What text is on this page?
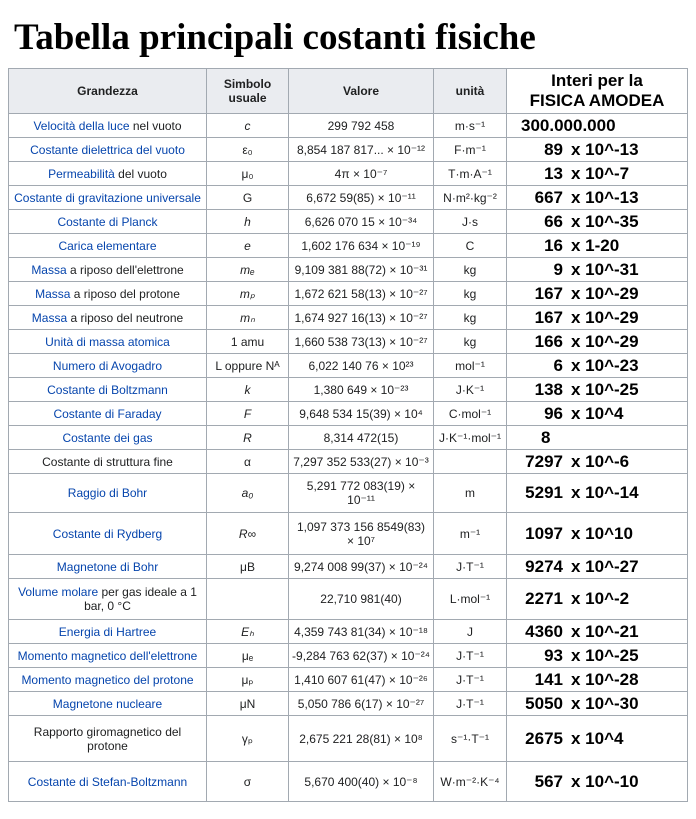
Tabella principali costanti fisiche
Grandezza	Simbolo usuale	Valore	unità	Interi per la
FISICA AMODEA
Velocità della luce nel vuoto	c	299 792 458	m·s⁻¹	300.000.000
Costante dielettrica del vuoto	ε₀	8,854 187 817... × 10⁻¹²	F·m⁻¹	89 x 10^-13
Permeabilità del vuoto	μ₀	4π × 10⁻⁷	T·m·A⁻¹	13 x 10^-7
Costante di gravitazione universale	G	6,672 59(85) × 10⁻¹¹	N·m²·kg⁻²	667 x 10^-13
Costante di Planck	h	6,626 070 15 × 10⁻³⁴	J·s	66 x 10^-35
Carica elementare	e	1,602 176 634 × 10⁻¹⁹	C	16 x 1-20
Massa a riposo dell'elettrone	mₑ	9,109 381 88(72) × 10⁻³¹	kg	9 x 10^-31
Massa a riposo del protone	mₚ	1,672 621 58(13) × 10⁻²⁷	kg	167 x 10^-29
Massa a riposo del neutrone	mₙ	1,674 927 16(13) × 10⁻²⁷	kg	167 x 10^-29
Unità di massa atomica	1 amu	1,660 538 73(13) × 10⁻²⁷	kg	166 x 10^-29
Numero di Avogadro	L oppure Nᴬ	6,022 140 76 × 10²³	mol⁻¹	6 x 10^-23
Costante di Boltzmann	k	1,380 649 × 10⁻²³	J·K⁻¹	138 x 10^-25
Costante di Faraday	F	9,648 534 15(39) × 10⁴	C·mol⁻¹	96 x 10^4
Costante dei gas	R	8,314 472(15)	J·K⁻¹·mol⁻¹	8
Costante di struttura fine	α	7,297 352 533(27) × 10⁻³		7297 x 10^-6
Raggio di Bohr	a₀	5,291 772 083(19) × 10⁻¹¹	m	5291 x 10^-14
Costante di Rydberg	R∞	1,097 373 156 8549(83) × 10⁷	m⁻¹	1097 x 10^10
Magnetone di Bohr	μB	9,274 008 99(37) × 10⁻²⁴	J·T⁻¹	9274 x 10^-27
Volume molare per gas ideale a 1 bar, 0 °C		22,710 981(40)	L·mol⁻¹	2271 x 10^-2
Energia di Hartree	Eₕ	4,359 743 81(34) × 10⁻¹⁸	J	4360 x 10^-21
Momento magnetico dell'elettrone	μₑ	-9,284 763 62(37) × 10⁻²⁴	J·T⁻¹	93 x 10^-25
Momento magnetico del protone	μₚ	1,410 607 61(47) × 10⁻²⁶	J·T⁻¹	141 x 10^-28
Magnetone nucleare	μN	5,050 786 6(17) × 10⁻²⁷	J·T⁻¹	5050 x 10^-30
Rapporto giromagnetico del protone	γₚ	2,675 221 28(81) × 10⁸	s⁻¹·T⁻¹	2675 x 10^4
Costante di Stefan-Boltzmann	σ	5,670 400(40) × 10⁻⁸	W·m⁻²·K⁻⁴	567 x 10^-10
